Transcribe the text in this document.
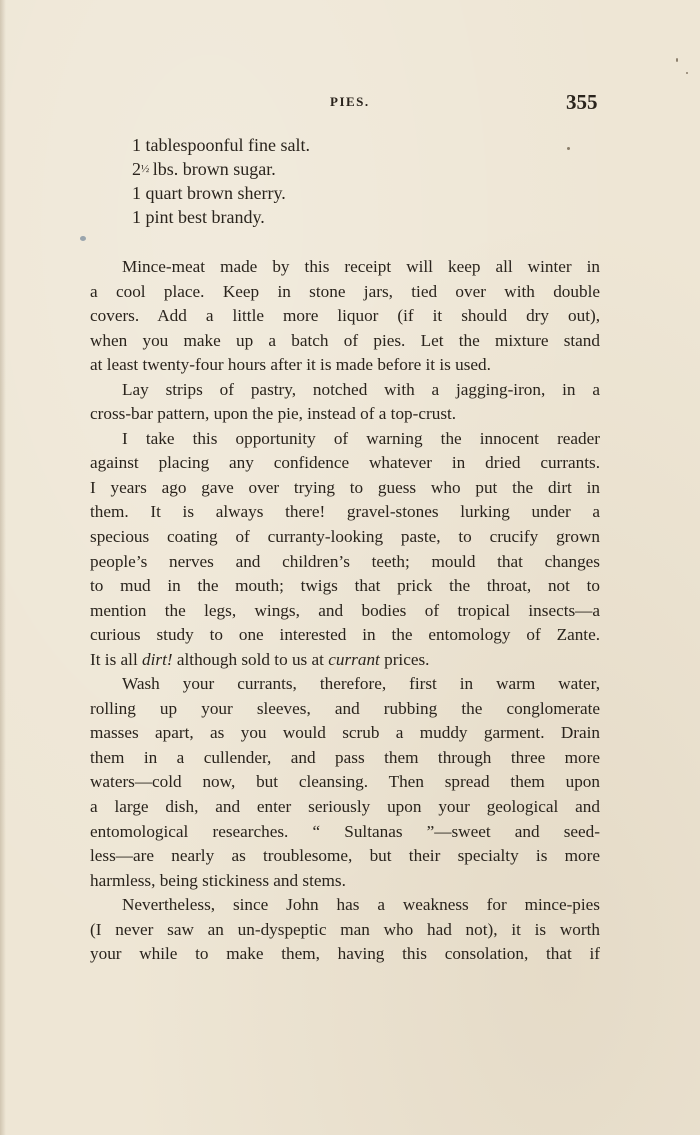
PIES.	355
1 tablespoonful fine salt.
2½ lbs. brown sugar.
1 quart brown sherry.
1 pint best brandy.
Mince-meat made by this receipt will keep all winter in
a cool place. Keep in stone jars, tied over with double
covers. Add a little more liquor (if it should dry out),
when you make up a batch of pies. Let the mixture stand
at least twenty-four hours after it is made before it is used.
Lay strips of pastry, notched with a jagging-iron, in a
cross-bar pattern, upon the pie, instead of a top-crust.
I take this opportunity of warning the innocent reader
against placing any confidence whatever in dried currants.
I years ago gave over trying to guess who put the dirt in
them. It is always there! gravel-stones lurking under a
specious coating of curranty-looking paste, to crucify grown
people’s nerves and children’s teeth; mould that changes
to mud in the mouth; twigs that prick the throat, not to
mention the legs, wings, and bodies of tropical insects—a
curious study to one interested in the entomology of Zante.
It is all dirt! although sold to us at currant prices.
Wash your currants, therefore, first in warm water,
rolling up your sleeves, and rubbing the conglomerate
masses apart, as you would scrub a muddy garment. Drain
them in a cullender, and pass them through three more
waters—cold now, but cleansing. Then spread them upon
a large dish, and enter seriously upon your geological and
entomological researches. “ Sultanas ”—sweet and seed-
less—are nearly as troublesome, but their specialty is more
harmless, being stickiness and stems.
Nevertheless, since John has a weakness for mince-pies
(I never saw an un-dyspeptic man who had not), it is worth
your while to make them, having this consolation, that if
